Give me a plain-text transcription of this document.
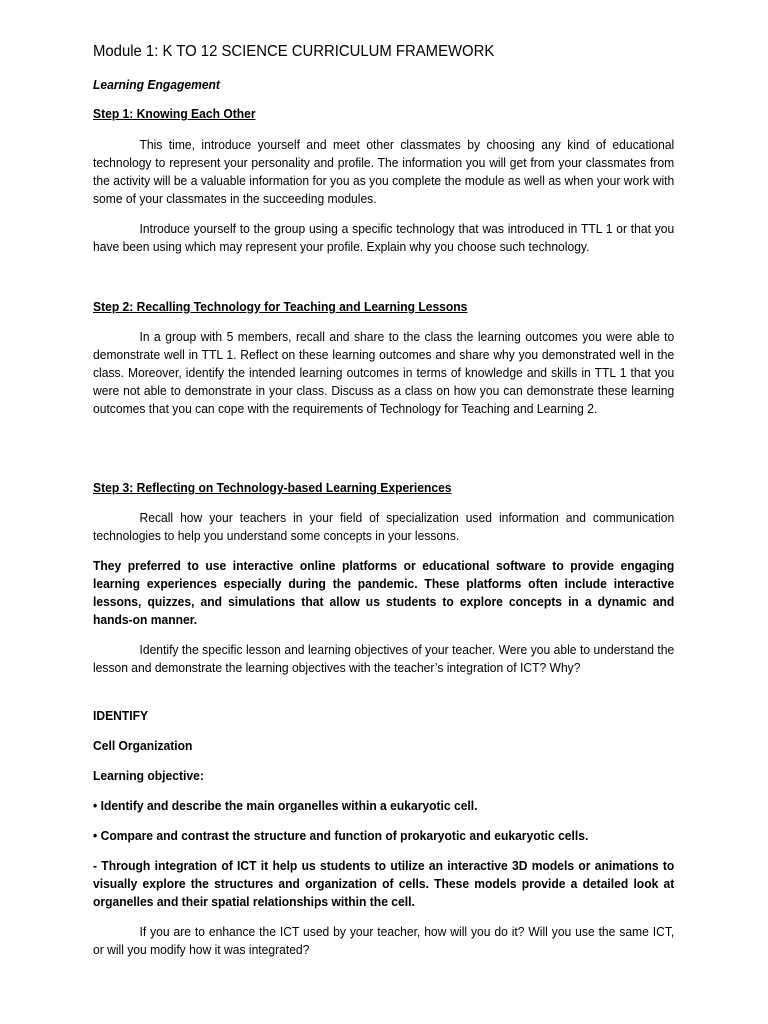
Module 1: K TO 12 SCIENCE CURRICULUM FRAMEWORK
Learning Engagement
Step 1: Knowing Each Other

This time, introduce yourself and meet other classmates by choosing any kind of educational technology to represent your personality and profile. The information you will get from your classmates from the activity will be a valuable information for you as you complete the module as well as when your work with some of your classmates in the succeeding modules.

Introduce yourself to the group using a specific technology that was introduced in TTL 1 or that you have been using which may represent your profile. Explain why you choose such technology.

Step 2: Recalling Technology for Teaching and Learning Lessons

In a group with 5 members, recall and share to the class the learning outcomes you were able to demonstrate well in TTL 1. Reflect on these learning outcomes and share why you demonstrated well in the class. Moreover, identify the intended learning outcomes in terms of knowledge and skills in TTL 1 that you were not able to demonstrate in your class. Discuss as a class on how you can demonstrate these learning outcomes that you can cope with the requirements of Technology for Teaching and Learning 2.

Step 3: Reflecting on Technology-based Learning Experiences

Recall how your teachers in your field of specialization used information and communication technologies to help you understand some concepts in your lessons.

They preferred to use interactive online platforms or educational software to provide engaging learning experiences especially during the pandemic. These platforms often include interactive lessons, quizzes, and simulations that allow us students to explore concepts in a dynamic and hands-on manner.

Identify the specific lesson and learning objectives of your teacher. Were you able to understand the lesson and demonstrate the learning objectives with the teacher’s integration of ICT? Why?

IDENTIFY
Cell Organization
Learning objective:
• Identify and describe the main organelles within a eukaryotic cell.
• Compare and contrast the structure and function of prokaryotic and eukaryotic cells.

- Through integration of ICT it help us students to utilize an interactive 3D models or animations to visually explore the structures and organization of cells. These models provide a detailed look at organelles and their spatial relationships within the cell.

If you are to enhance the ICT used by your teacher, how will you do it? Will you use the same ICT, or will you modify how it was integrated?
